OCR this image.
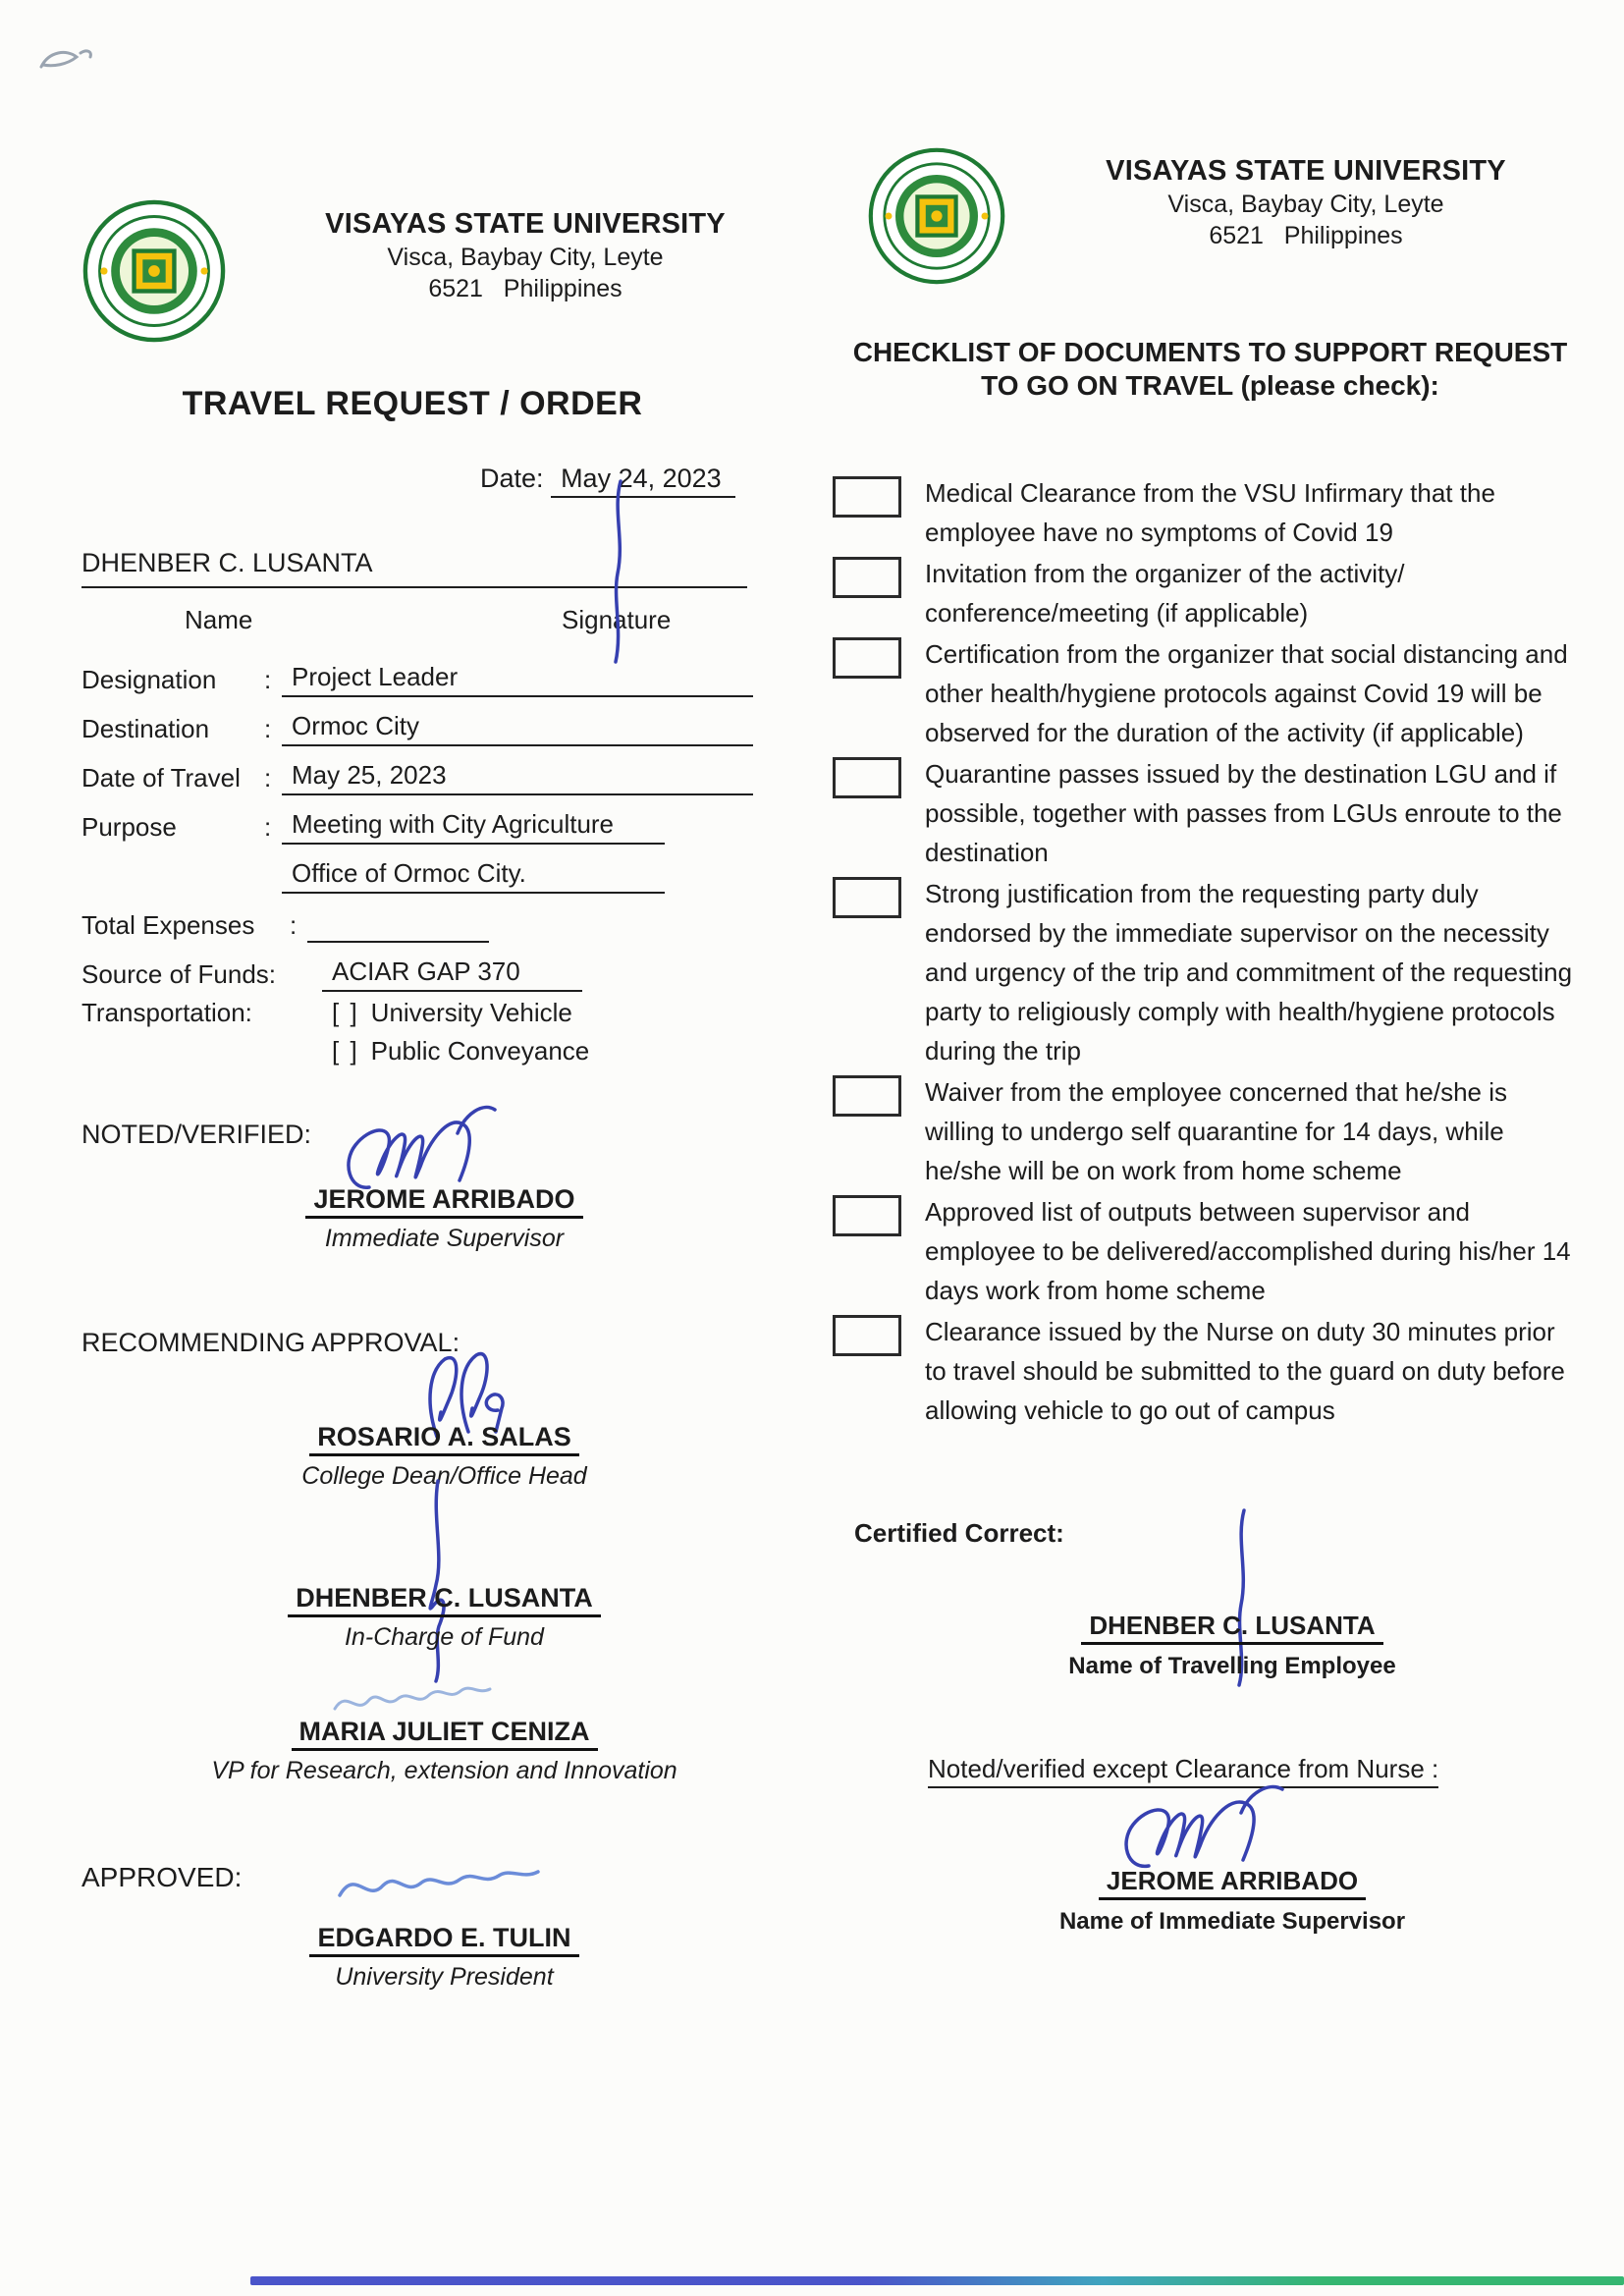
VISAYAS STATE UNIVERSITY
Visca, Baybay City, Leyte
6521   Philippines
TRAVEL REQUEST / ORDER
Date: May 24, 2023
DHENBER C. LUSANTA
Name	Signature
Designation	: Project Leader
Destination	: Ormoc City
Date of Travel : May 25, 2023
Purpose	: Meeting with City Agriculture
Office of Ormoc City.
Total Expenses	:
Source of Funds:	ACIAR GAP 370
Transportation:	[ ] University Vehicle
[ ] Public Conveyance
NOTED/VERIFIED:
JEROME ARRIBADO
Immediate Supervisor
RECOMMENDING APPROVAL:
ROSARIO A. SALAS
College Dean/Office Head
DHENBER C. LUSANTA
In-Charge of Fund
MARIA JULIET CENIZA
VP for Research, extension and Innovation
APPROVED:
EDGARDO E. TULIN
University President
VISAYAS STATE UNIVERSITY
Visca, Baybay City, Leyte
6521   Philippines
CHECKLIST OF DOCUMENTS TO SUPPORT REQUEST
TO GO ON TRAVEL (please check):
Medical Clearance from the VSU Infirmary that the employee have no symptoms of Covid 19
Invitation from the organizer of the activity/ conference/meeting (if applicable)
Certification from the organizer that social distancing and other health/hygiene protocols against Covid 19 will be observed for the duration of the activity (if applicable)
Quarantine passes issued by the destination LGU and if possible, together with passes from LGUs enroute to the destination
Strong justification from the requesting party duly endorsed by the immediate supervisor on the necessity and urgency of the trip and commitment of the requesting party to religiously comply with health/hygiene protocols during the trip
Waiver from the employee concerned that he/she is willing to undergo self quarantine for 14 days, while he/she will be on work from home scheme
Approved list of outputs between supervisor and employee to be delivered/accomplished during his/her 14 days work from home scheme
Clearance issued by the Nurse on duty 30 minutes prior to travel should be submitted to the guard on duty before allowing vehicle to go out of campus
Certified Correct:
DHENBER C. LUSANTA
Name of Travelling Employee
Noted/verified except Clearance from Nurse :
JEROME ARRIBADO
Name of Immediate Supervisor
